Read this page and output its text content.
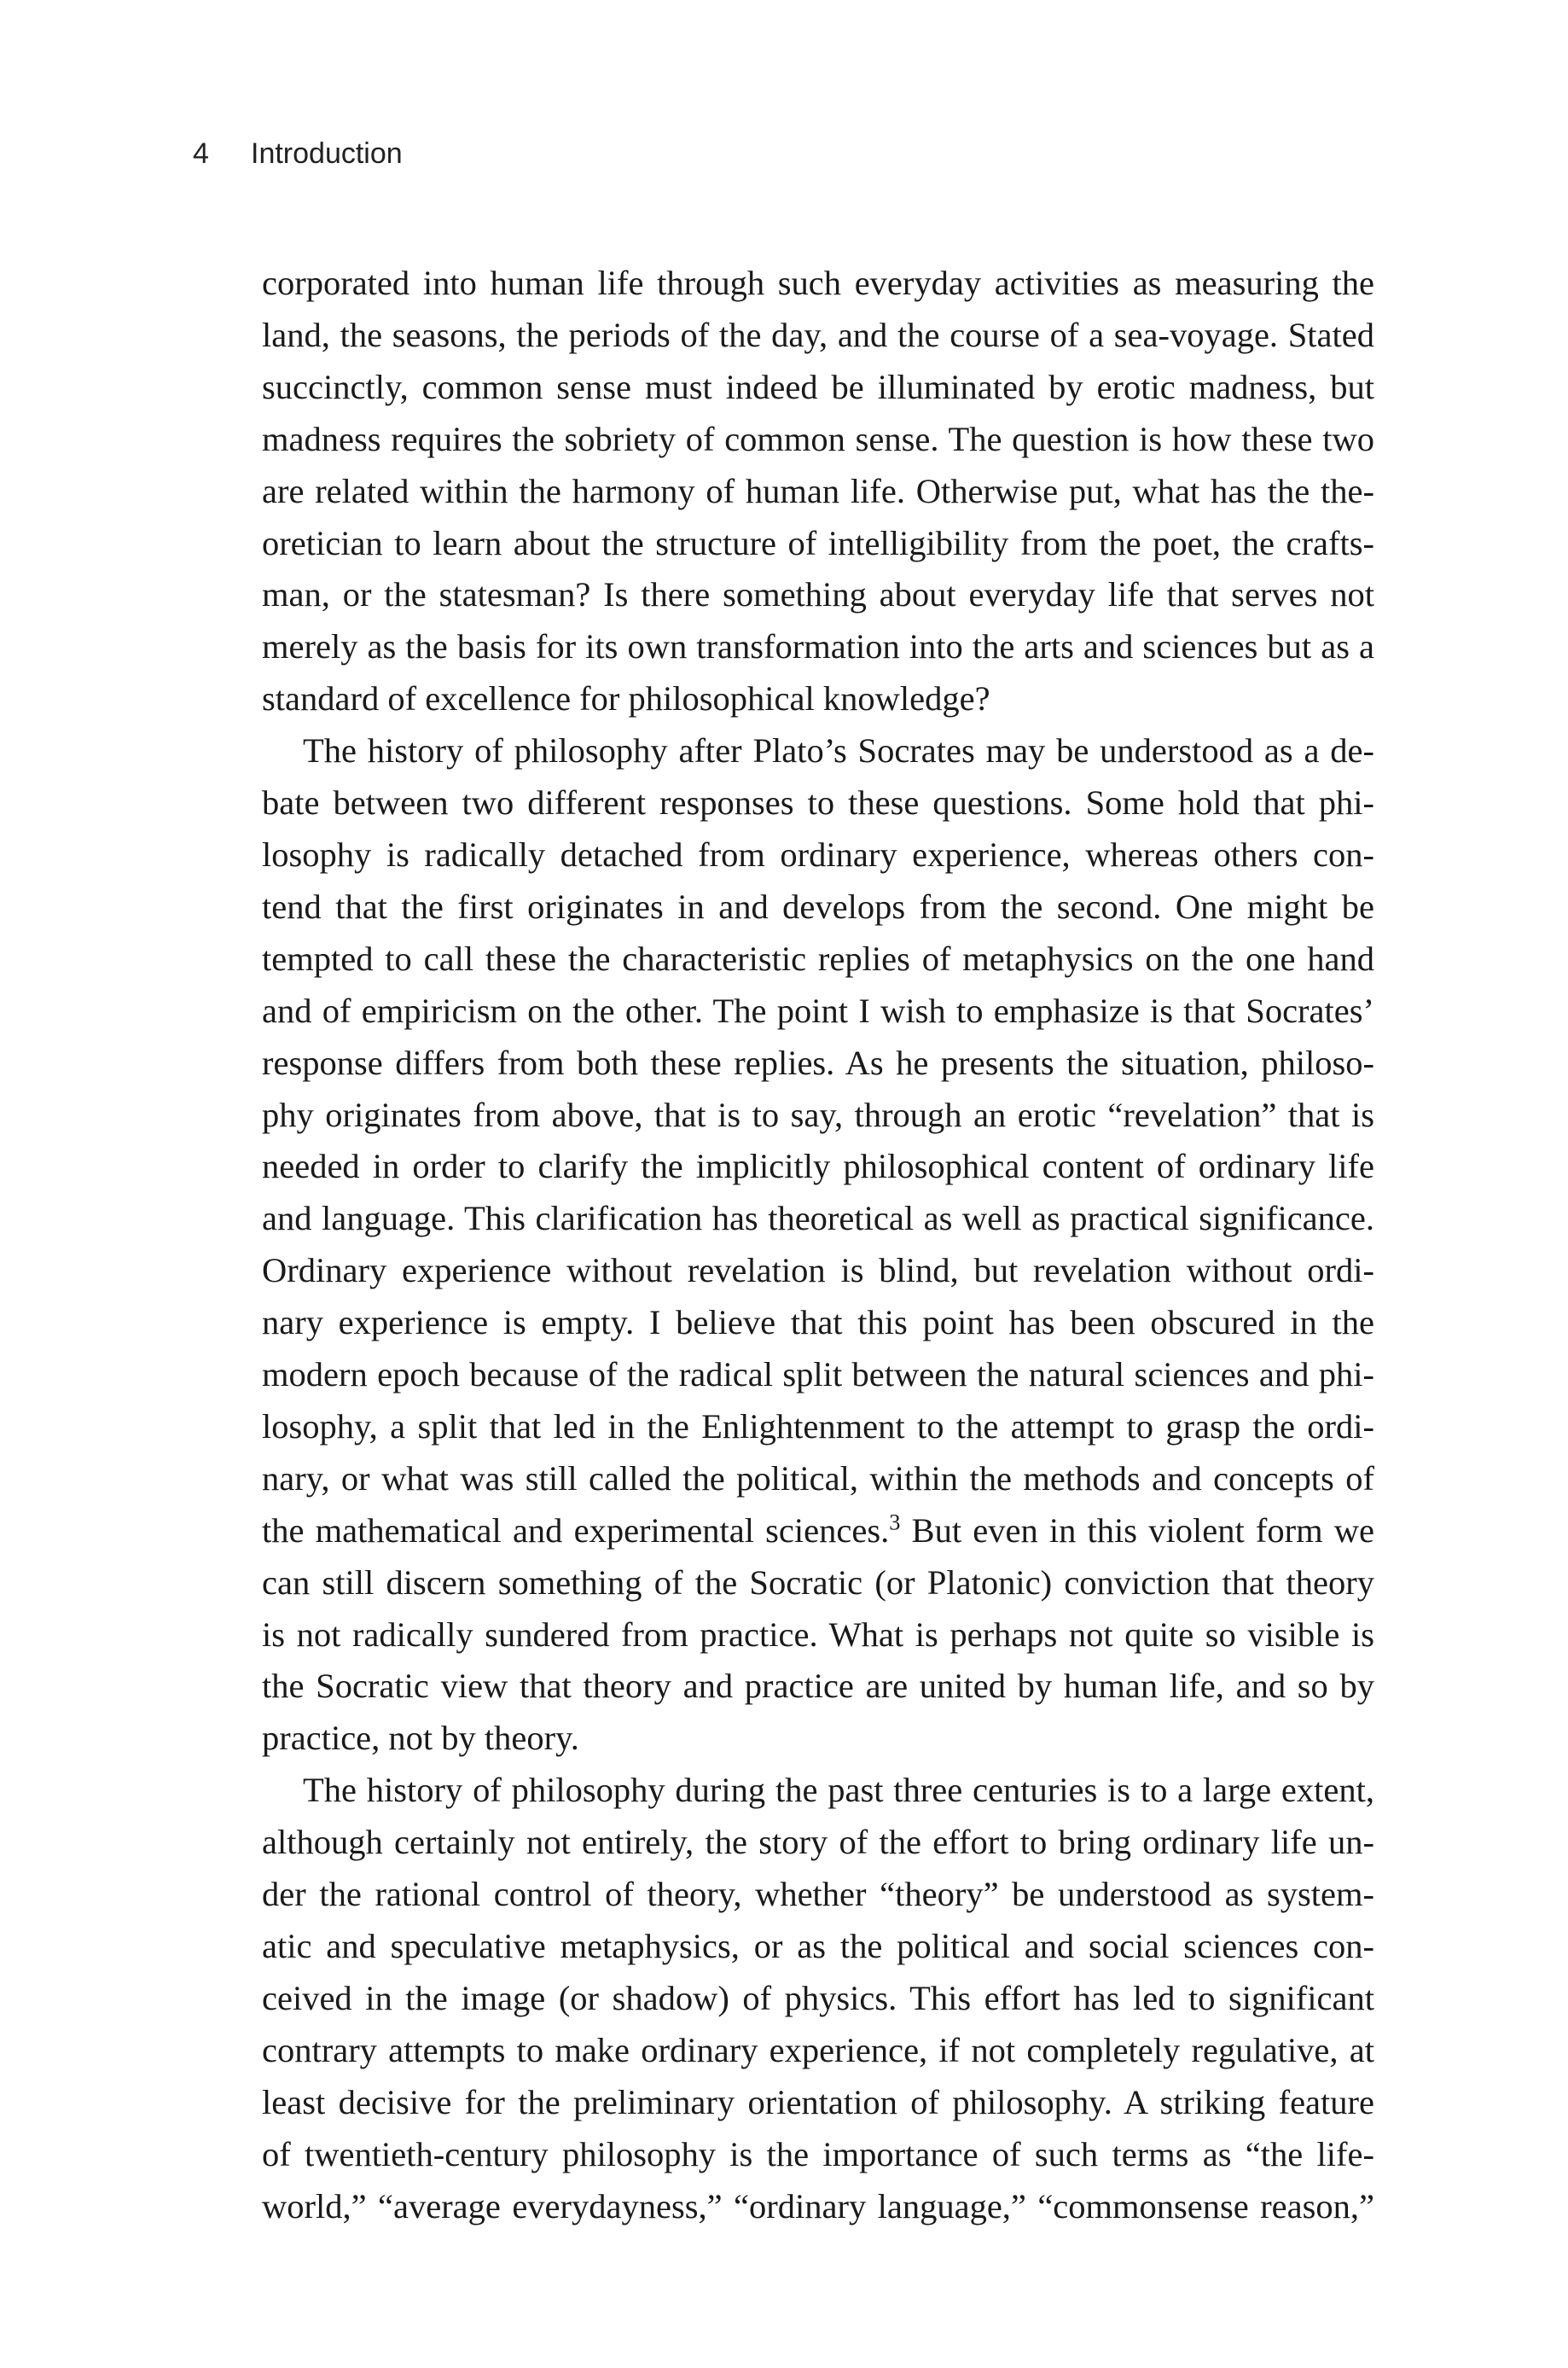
4 Introduction
corporated into human life through such everyday activities as measuring the
land, the seasons, the periods of the day, and the course of a sea-voyage. Stated
succinctly, common sense must indeed be illuminated by erotic madness, but
madness requires the sobriety of common sense. The question is how these two
are related within the harmony of human life. Otherwise put, what has the the-
oretician to learn about the structure of intelligibility from the poet, the crafts-
man, or the statesman? Is there something about everyday life that serves not
merely as the basis for its own transformation into the arts and sciences but as a
standard of excellence for philosophical knowledge?
The history of philosophy after Plato’s Socrates may be understood as a de-
bate between two different responses to these questions. Some hold that phi-
losophy is radically detached from ordinary experience, whereas others con-
tend that the first originates in and develops from the second. One might be
tempted to call these the characteristic replies of metaphysics on the one hand
and of empiricism on the other. The point I wish to emphasize is that Socrates’
response differs from both these replies. As he presents the situation, philoso-
phy originates from above, that is to say, through an erotic “revelation” that is
needed in order to clarify the implicitly philosophical content of ordinary life
and language. This clarification has theoretical as well as practical significance.
Ordinary experience without revelation is blind, but revelation without ordi-
nary experience is empty. I believe that this point has been obscured in the
modern epoch because of the radical split between the natural sciences and phi-
losophy, a split that led in the Enlightenment to the attempt to grasp the ordi-
nary, or what was still called the political, within the methods and concepts of
the mathematical and experimental sciences.$^3$ But even in this violent form we
can still discern something of the Socratic (or Platonic) conviction that theory
is not radically sundered from practice. What is perhaps not quite so visible is
the Socratic view that theory and practice are united by human life, and so by
practice, not by theory.
The history of philosophy during the past three centuries is to a large extent,
although certainly not entirely, the story of the effort to bring ordinary life un-
der the rational control of theory, whether “theory” be understood as system-
atic and speculative metaphysics, or as the political and social sciences con-
ceived in the image (or shadow) of physics. This effort has led to significant
contrary attempts to make ordinary experience, if not completely regulative, at
least decisive for the preliminary orientation of philosophy. A striking feature
of twentieth-century philosophy is the importance of such terms as “the life-
world,” “average everydayness,” “ordinary language,” “commonsense reason,”
